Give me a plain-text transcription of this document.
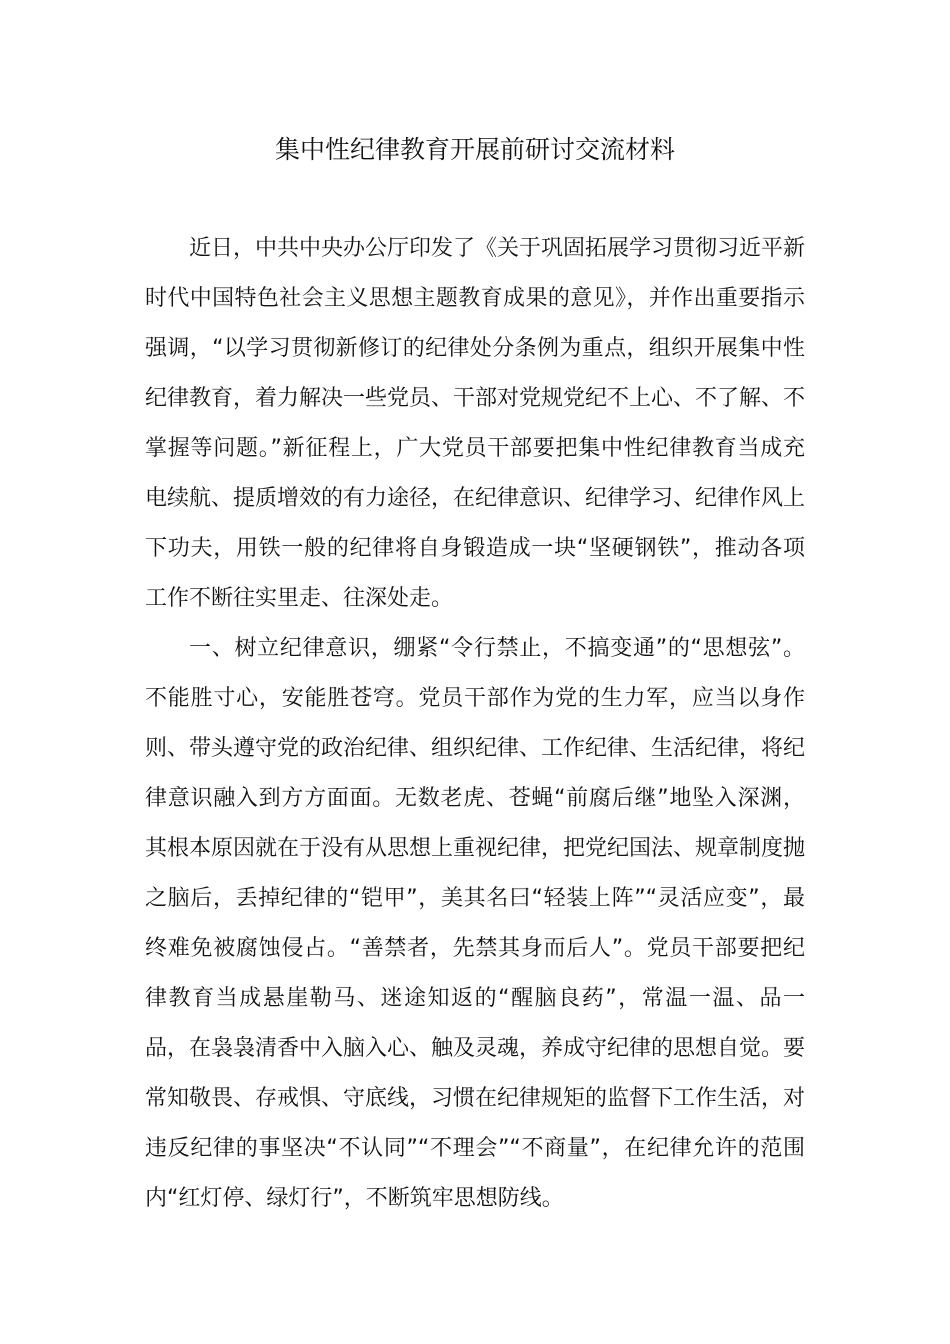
集中性纪律教育开展前研讨交流材料

近日，中共中央办公厅印发了《关于巩固拓展学习贯彻习近平新时代中国特色社会主义思想主题教育成果的意见》，并作出重要指示强调，“以学习贯彻新修订的纪律处分条例为重点，组织开展集中性纪律教育，着力解决一些党员、干部对党规党纪不上心、不了解、不掌握等问题。”新征程上，广大党员干部要把集中性纪律教育当成充电续航、提质增效的有力途径，在纪律意识、纪律学习、纪律作风上下功夫，用铁一般的纪律将自身锻造成一块“坚硬钢铁”，推动各项工作不断往实里走、往深处走。

一、树立纪律意识，绷紧“令行禁止，不搞变通”的“思想弦”。不能胜寸心，安能胜苍穹。党员干部作为党的生力军，应当以身作则、带头遵守党的政治纪律、组织纪律、工作纪律、生活纪律，将纪律意识融入到方方面面。无数老虎、苍蝇“前腐后继”地坠入深渊，其根本原因就在于没有从思想上重视纪律，把党纪国法、规章制度抛之脑后，丢掉纪律的“铠甲”，美其名曰“轻装上阵”“灵活应变”，最终难免被腐蚀侵占。“善禁者，先禁其身而后人”。党员干部要把纪律教育当成悬崖勒马、迷途知返的“醒脑良药”，常温一温、品一品，在袅袅清香中入脑入心、触及灵魂，养成守纪律的思想自觉。要常知敬畏、存戒惧、守底线，习惯在纪律规矩的监督下工作生活，对违反纪律的事坚决“不认同”“不理会”“不商量”，在纪律允许的范围内“红灯停、绿灯行”，不断筑牢思想防线。
